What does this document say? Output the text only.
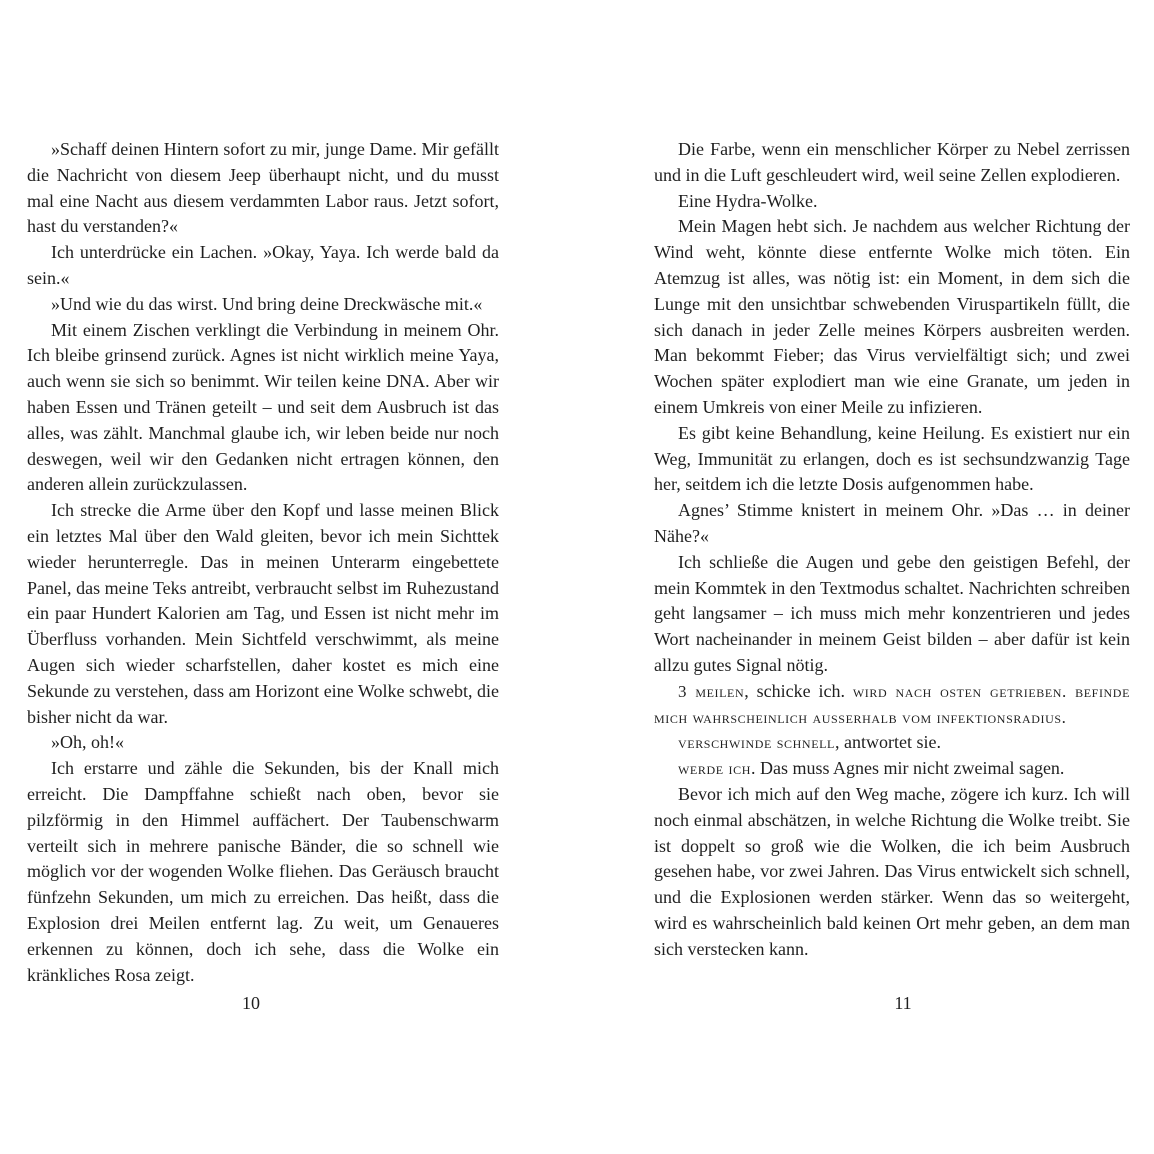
»Schaff deinen Hintern sofort zu mir, junge Dame. Mir gefällt die Nachricht von diesem Jeep überhaupt nicht, und du musst mal eine Nacht aus diesem verdammten Labor raus. Jetzt sofort, hast du verstanden?«

Ich unterdrücke ein Lachen. »Okay, Yaya. Ich werde bald da sein.«

»Und wie du das wirst. Und bring deine Dreckwäsche mit.«

Mit einem Zischen verklingt die Verbindung in meinem Ohr. Ich bleibe grinsend zurück. Agnes ist nicht wirklich meine Yaya, auch wenn sie sich so benimmt. Wir teilen keine DNA. Aber wir haben Essen und Tränen geteilt – und seit dem Ausbruch ist das alles, was zählt. Manchmal glaube ich, wir leben beide nur noch deswegen, weil wir den Gedanken nicht ertragen können, den anderen allein zurückzulassen.

Ich strecke die Arme über den Kopf und lasse meinen Blick ein letztes Mal über den Wald gleiten, bevor ich mein Sichttek wieder herunterregle. Das in meinen Unterarm eingebettete Panel, das meine Teks antreibt, verbraucht selbst im Ruhezustand ein paar Hundert Kalorien am Tag, und Essen ist nicht mehr im Überfluss vorhanden. Mein Sichtfeld verschwimmt, als meine Augen sich wieder scharfstellen, daher kostet es mich eine Sekunde zu verstehen, dass am Horizont eine Wolke schwebt, die bisher nicht da war.

»Oh, oh!«

Ich erstarre und zähle die Sekunden, bis der Knall mich erreicht. Die Dampffahne schießt nach oben, bevor sie pilzförmig in den Himmel auffächert. Der Taubenschwarm verteilt sich in mehrere panische Bänder, die so schnell wie möglich vor der wogenden Wolke fliehen. Das Geräusch braucht fünfzehn Sekunden, um mich zu erreichen. Das heißt, dass die Explosion drei Meilen entfernt lag. Zu weit, um Genaueres erkennen zu können, doch ich sehe, dass die Wolke ein kränkliches Rosa zeigt.

10

Die Farbe, wenn ein menschlicher Körper zu Nebel zerrissen und in die Luft geschleudert wird, weil seine Zellen explodieren.

Eine Hydra-Wolke.

Mein Magen hebt sich. Je nachdem aus welcher Richtung der Wind weht, könnte diese entfernte Wolke mich töten. Ein Atemzug ist alles, was nötig ist: ein Moment, in dem sich die Lunge mit den unsichtbar schwebenden Viruspartikeln füllt, die sich danach in jeder Zelle meines Körpers ausbreiten werden. Man bekommt Fieber; das Virus vervielfältigt sich; und zwei Wochen später explodiert man wie eine Granate, um jeden in einem Umkreis von einer Meile zu infizieren.

Es gibt keine Behandlung, keine Heilung. Es existiert nur ein Weg, Immunität zu erlangen, doch es ist sechsundzwanzig Tage her, seitdem ich die letzte Dosis aufgenommen habe.

Agnes’ Stimme knistert in meinem Ohr. »Das … in deiner Nähe?«

Ich schließe die Augen und gebe den geistigen Befehl, der mein Kommtek in den Textmodus schaltet. Nachrichten schreiben geht langsamer – ich muss mich mehr konzentrieren und jedes Wort nacheinander in meinem Geist bilden – aber dafür ist kein allzu gutes Signal nötig.

3 meilen, schicke ich. wird nach osten getrieben. befinde mich wahrscheinlich ausserhalb vom infektionsradius.

verschwinde schnell, antwortet sie.

werde ich. Das muss Agnes mir nicht zweimal sagen.

Bevor ich mich auf den Weg mache, zögere ich kurz. Ich will noch einmal abschätzen, in welche Richtung die Wolke treibt. Sie ist doppelt so groß wie die Wolken, die ich beim Ausbruch gesehen habe, vor zwei Jahren. Das Virus entwickelt sich schnell, und die Explosionen werden stärker. Wenn das so weitergeht, wird es wahrscheinlich bald keinen Ort mehr geben, an dem man sich verstecken kann.

11
